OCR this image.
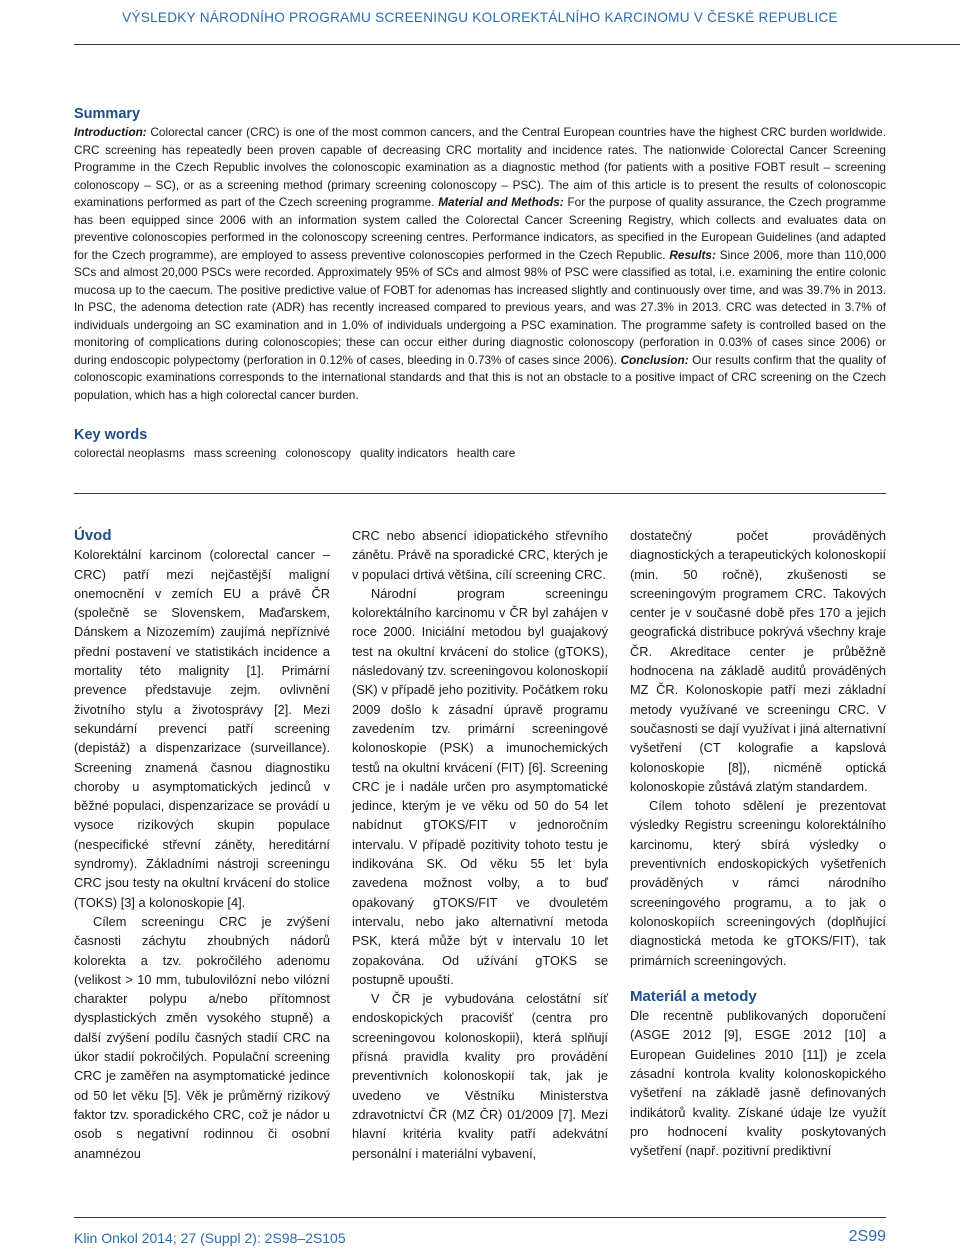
VÝSLEDKY NÁRODNÍHO PROGRAMU SCREENINGU KOLOREKTÁLNÍHO KARCINOMU V ČESKÉ REPUBLICE
Summary

Introduction: Colorectal cancer (CRC) is one of the most common cancers, and the Central European countries have the highest CRC burden worldwide. CRC screening has repeatedly been proven capable of decreasing CRC mortality and incidence rates. The nationwide Colorectal Cancer Screening Programme in the Czech Republic involves the colonoscopic examination as a diagnostic method (for patients with a positive FOBT result – screening colonoscopy – SC), or as a screening method (primary screening colonoscopy – PSC). The aim of this article is to present the results of colonoscopic examinations performed as part of the Czech screening programme. Material and Methods: For the purpose of quality assurance, the Czech programme has been equipped since 2006 with an information system called the Colorectal Cancer Screening Registry, which collects and evaluates data on preventive colonoscopies performed in the colonoscopy screening centres. Performance indicators, as specified in the European Guidelines (and adapted for the Czech programme), are employed to assess preventive colonoscopies performed in the Czech Republic. Results: Since 2006, more than 110,000 SCs and almost 20,000 PSCs were recorded. Approximately 95% of SCs and almost 98% of PSC were classified as total, i.e. examining the entire colonic mucosa up to the caecum. The positive predictive value of FOBT for adenomas has increased slightly and continuously over time, and was 39.7% in 2013. In PSC, the adenoma detection rate (ADR) has recently increased compared to previous years, and was 27.3% in 2013. CRC was detected in 3.7% of individuals undergoing an SC examination and in 1.0% of individuals undergoing a PSC examination. The programme safety is controlled based on the monitoring of complications during colonoscopies; these can occur either during diagnostic colonoscopy (perforation in 0.03% of cases since 2006) or during endoscopic polypectomy (perforation in 0.12% of cases, bleeding in 0.73% of cases since 2006). Conclusion: Our results confirm that the quality of colonoscopic examinations corresponds to the international standards and that this is not an obstacle to a positive impact of CRC screening on the Czech population, which has a high colorectal cancer burden.

Key words
colorectal neoplasms mass screening colonoscopy quality indicators health care
Úvod

Kolorektální karcinom (colorectal cancer – CRC) patří mezi nejčastější maligní onemocnění v zemích EU a právě ČR (společně se Slovenskem, Maďarskem, Dánskem a Nizozemím) zaujímá nepříznivé přední postavení ve statistikách incidence a mortality této malignity [1]. Primární prevence představuje zejm. ovlivnění životního stylu a životosprávy [2]. Mezi sekundární prevenci patří screening (depistáž) a dispenzarizace (surveillance). Screening znamená časnou diagnostiku choroby u asymptomatických jedinců v běžné populaci, dispenzarizace se provádí u vysoce rizikových skupin populace (nespecifické střevní záněty, hereditární syndromy). Základními nástroji screeningu CRC jsou testy na okultní krvácení do stolice (TOKS) [3] a kolonoskopie [4].

Cílem screeningu CRC je zvýšení časnosti záchytu zhoubných nádorů kolorekta a tzv. pokročilého adenomu (velikost > 10 mm, tubulovilózní nebo vilózní charakter polypu a/nebo přítomnost dysplastických změn vysokého stupně) a další zvýšení podílu časných stadií CRC na úkor stadií pokročilých. Populační screening CRC je zaměřen na asymptomatické jedince od 50 let věku [5]. Věk je průměrný rizikový faktor tzv. sporadického CRC, což je nádor u osob s negativní rodinnou či osobní anamnézou

CRC nebo absencí idiopatického střevního zánětu. Právě na sporadické CRC, kterých je v populaci drtivá většina, cílí screening CRC.

Národní program screeningu kolorektálního karcinomu v ČR byl zahájen v roce 2000. Iniciální metodou byl guajakový test na okultní krvácení do stolice (gTOKS), následovaný tzv. screeningovou kolonoskopií (SK) v případě jeho pozitivity. Počátkem roku 2009 došlo k zásadní úpravě programu zavedením tzv. primární screeningové kolonoskopie (PSK) a imunochemických testů na okultní krvácení (FIT) [6]. Screening CRC je i nadále určen pro asymptomatické jedince, kterým je ve věku od 50 do 54 let nabídnut gTOKS/FIT v jednoročním intervalu. V případě pozitivity tohoto testu je indikována SK. Od věku 55 let byla zavedena možnost volby, a to buď opakovaný gTOKS/FIT ve dvouletém intervalu, nebo jako alternativní metoda PSK, která může být v intervalu 10 let zopakována. Od užívání gTOKS se postupně upouští.

V ČR je vybudována celostátní síť endoskopických pracovišť (centra pro screeningovou kolonoskopii), která splňují přísná pravidla kvality pro provádění preventivních kolonoskopií tak, jak je uvedeno ve Věstníku Ministerstva zdravotnictví ČR (MZ ČR) 01/2009 [7]. Mezi hlavní kritéria kvality patří adekvátní personální i materiální vybavení,

dostatečný počet prováděných diagnostických a terapeutických kolonoskopií (min. 50 ročně), zkušenosti se screeningovým programem CRC. Takových center je v současné době přes 170 a jejich geografická distribuce pokrývá všechny kraje ČR. Akreditace center je průběžně hodnocena na základě auditů prováděných MZ ČR. Kolonoskopie patří mezi základní metody využívané ve screeningu CRC. V současnosti se dají využívat i jiná alternativní vyšetření (CT kolografie a kapslová kolonoskopie [8]), nicméně optická kolonoskopie zůstává zlatým standardem.

Cílem tohoto sdělení je prezentovat výsledky Registru screeningu kolorektálního karcinomu, který sbírá výsledky o preventivních endoskopických vyšetřeních prováděných v rámci národního screeningového programu, a to jak o kolonoskopiích screeningových (doplňující diagnostická metoda ke gTOKS/FIT), tak primárních screeningových.

Materiál a metody

Dle recentně publikovaných doporučení (ASGE 2012 [9], ESGE 2012 [10] a European Guidelines 2010 [11]) je zcela zásadní kontrola kvality kolonoskopického vyšetření na základě jasně definovaných indikátorů kvality. Získané údaje lze využít pro hodnocení kvality poskytovaných vyšetření (např. pozitivní prediktivní

Klin Onkol 2014; 27 (Suppl 2): 2S98–2S105	2S99
